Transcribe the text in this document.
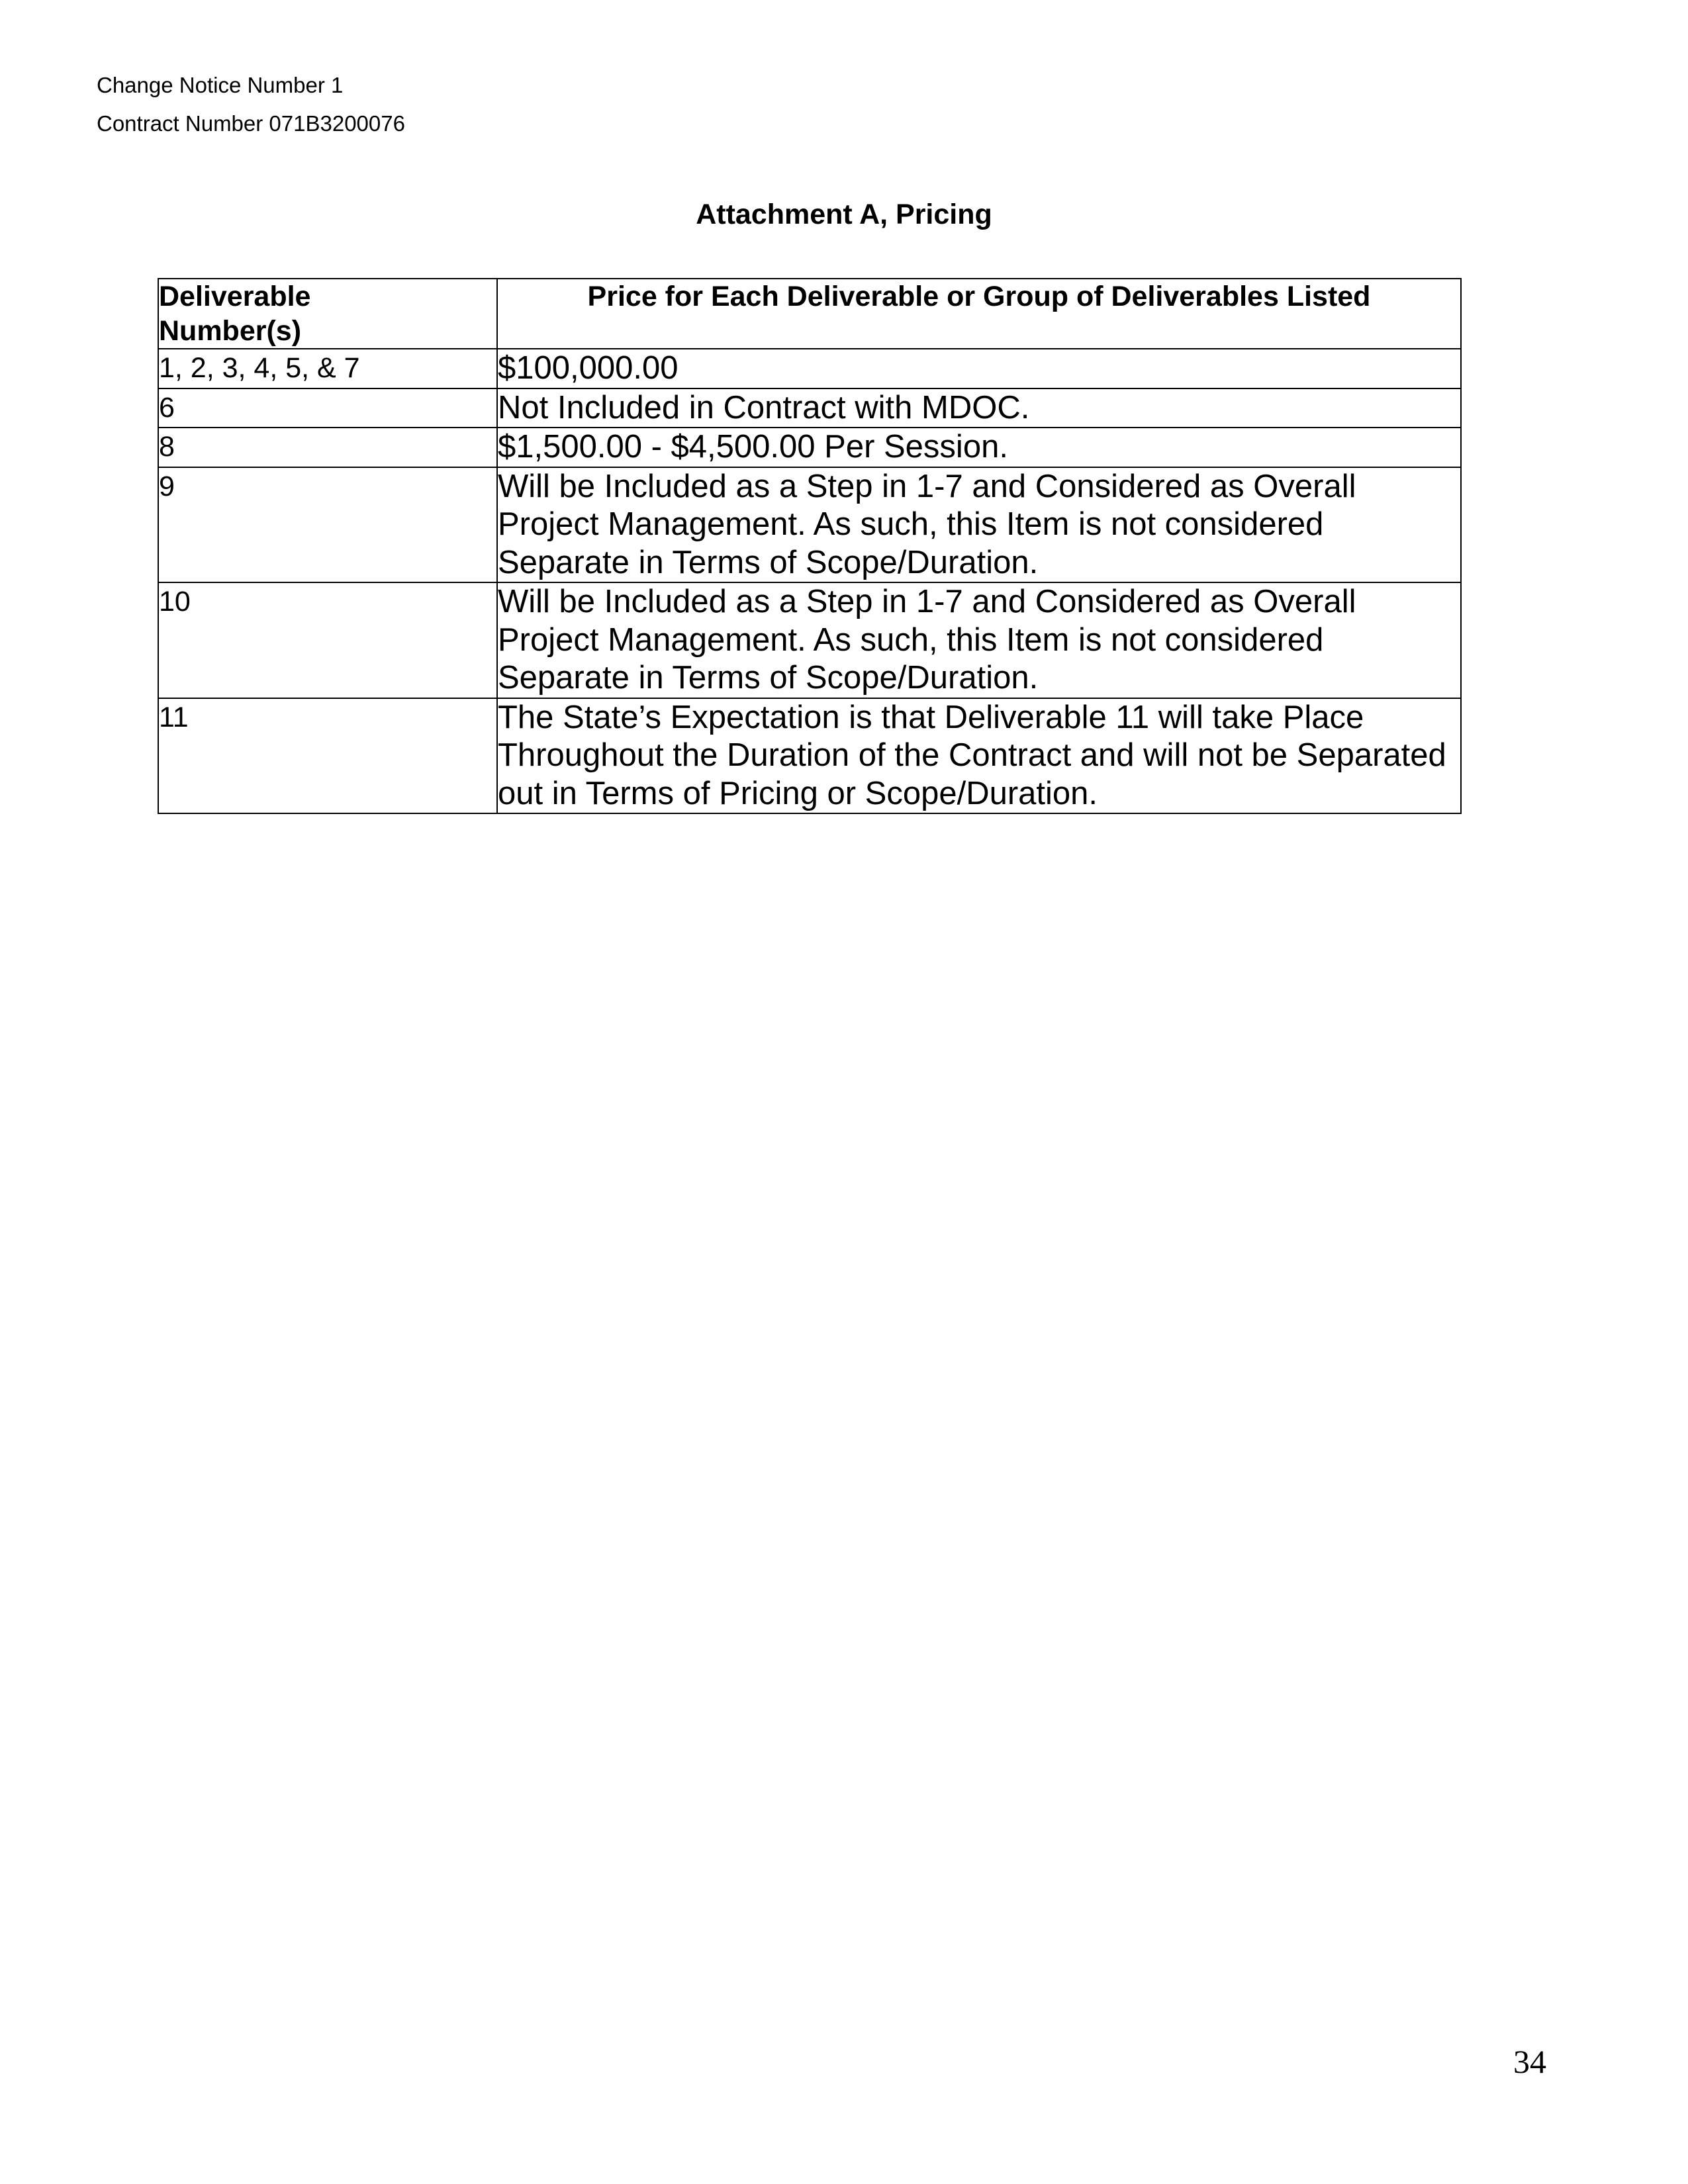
Change Notice Number 1
Contract Number 071B3200076
Attachment A, Pricing
Deliverable
Number(s)	Price for Each Deliverable or Group of Deliverables Listed
1, 2, 3, 4, 5, & 7	$100,000.00
6	Not Included in Contract with MDOC.
8	$1,500.00 - $4,500.00 Per Session.
9	Will be Included as a Step in 1-7 and Considered as Overall Project Management. As such, this Item is not considered Separate in Terms of Scope/Duration.
10	Will be Included as a Step in 1-7 and Considered as Overall Project Management. As such, this Item is not considered Separate in Terms of Scope/Duration.
11	The State’s Expectation is that Deliverable 11 will take Place Throughout the Duration of the Contract and will not be Separated out in Terms of Pricing or Scope/Duration.
34
